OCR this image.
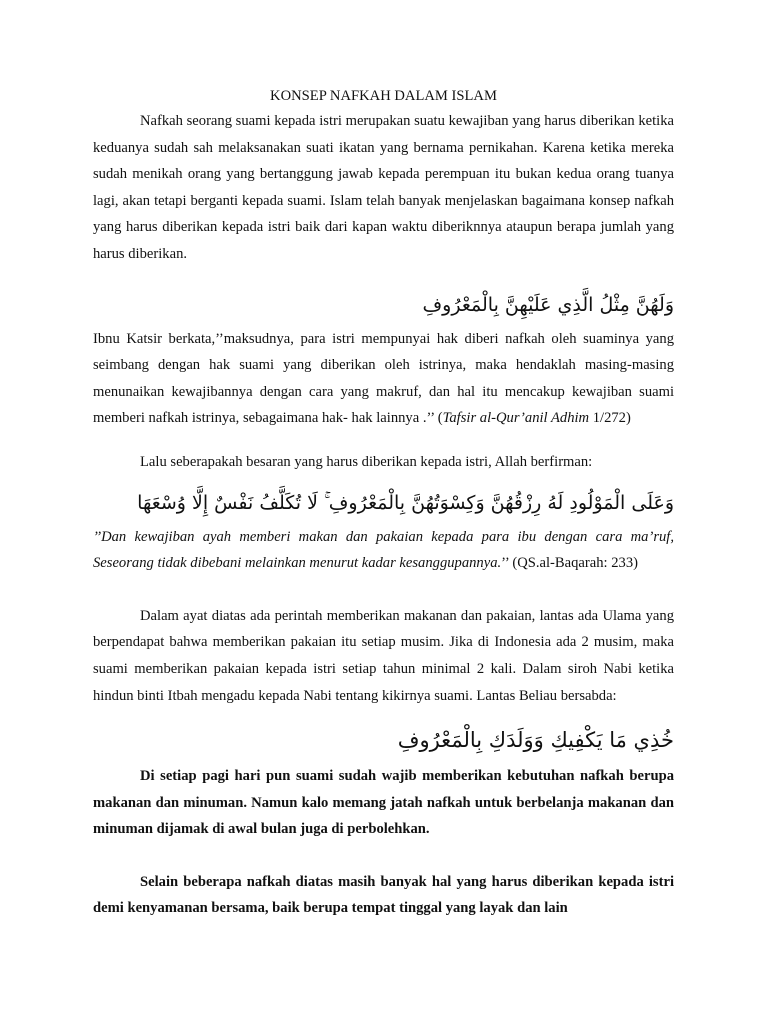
KONSEP NAFKAH DALAM ISLAM

Nafkah seorang suami kepada istri merupakan suatu kewajiban yang harus diberikan ketika keduanya sudah sah melaksanakan suati ikatan yang bernama pernikahan. Karena ketika mereka sudah menikah orang yang bertanggung jawab kepada perempuan itu bukan kedua orang tuanya lagi, akan tetapi berganti kepada suami. Islam telah banyak menjelaskan bagaimana konsep nafkah yang harus diberikan kepada istri baik dari kapan waktu diberiknnya ataupun berapa jumlah yang harus diberikan.

وَلَهُنَّ مِثْلُ الَّذِي عَلَيْهِنَّ بِالْمَعْرُوفِ

Ibnu Katsir berkata,’’maksudnya, para istri mempunyai hak diberi nafkah oleh suaminya yang seimbang dengan hak suami yang diberikan oleh istrinya, maka hendaklah masing-masing menunaikan kewajibannya dengan cara yang makruf, dan hal itu mencakup kewajiban suami memberi nafkah istrinya, sebagaimana hak- hak lainnya .’’ (Tafsir al-Qur’anil Adhim 1/272)

Lalu seberapakah besaran yang harus diberikan kepada istri, Allah berfirman:

وَعَلَى الْمَوْلُودِ لَهُ رِزْقُهُنَّ وَكِسْوَتُهُنَّ بِالْمَعْرُوفِ ۚ لَا تُكَلَّفُ نَفْسٌ إِلَّا وُسْعَهَا

’’Dan kewajiban ayah memberi makan dan pakaian kepada para ibu dengan cara ma’ruf, Seseorang tidak dibebani melainkan menurut kadar kesanggupannya.’’ (QS.al-Baqarah: 233)

Dalam ayat diatas ada perintah memberikan makanan dan pakaian, lantas ada Ulama yang berpendapat bahwa memberikan pakaian itu setiap musim. Jika di Indonesia ada 2 musim, maka suami memberikan pakaian kepada istri setiap tahun minimal 2 kali. Dalam siroh Nabi ketika hindun binti Itbah mengadu kepada Nabi tentang kikirnya suami. Lantas Beliau bersabda:

خُذِي مَا يَكْفِيكِ وَوَلَدَكِ بِالْمَعْرُوفِ

Di setiap pagi hari pun suami sudah wajib memberikan kebutuhan nafkah berupa makanan dan minuman. Namun kalo memang jatah nafkah untuk berbelanja makanan dan minuman dijamak di awal bulan juga di perbolehkan.

Selain beberapa nafkah diatas masih banyak hal yang harus diberikan kepada istri demi kenyamanan bersama, baik berupa tempat tinggal yang layak dan lain
